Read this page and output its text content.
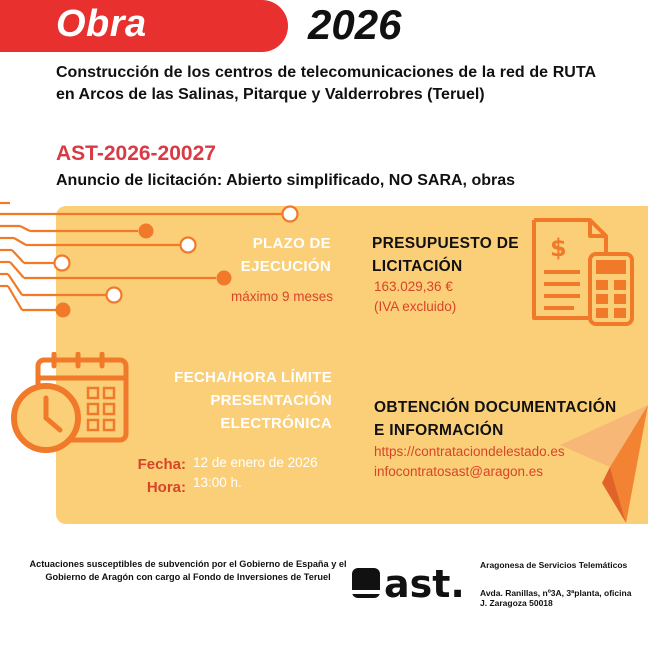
Obra	2026
Construcción de los centros de telecomunicaciones de la red de RUTA en Arcos de las Salinas, Pitarque y Valderrobres (Teruel)
AST-2026-20027
Anuncio de licitación: Abierto simplificado, NO SARA, obras
PLAZO DE
EJECUCIÓN
máximo 9 meses
PRESUPUESTO DE
LICITACIÓN
163.029,36 €
(IVA excluido)
$
FECHA/HORA LÍMITE
PRESENTACIÓN
ELECTRÓNICA
Fecha:
Hora:
12 de enero de 2026
13:00 h.
OBTENCIÓN DOCUMENTACIÓN
E INFORMACIÓN
https://contrataciondelestado.es
infocontratosast@aragon.es
Actuaciones susceptibles de subvención por el Gobierno de España y el Gobierno de Aragón con cargo al Fondo de Inversiones de Teruel	ast. Aragonesa de Servicios Telemáticos
Avda. Ranillas, nº3A, 3ªplanta, oficina J. Zaragoza 50018
